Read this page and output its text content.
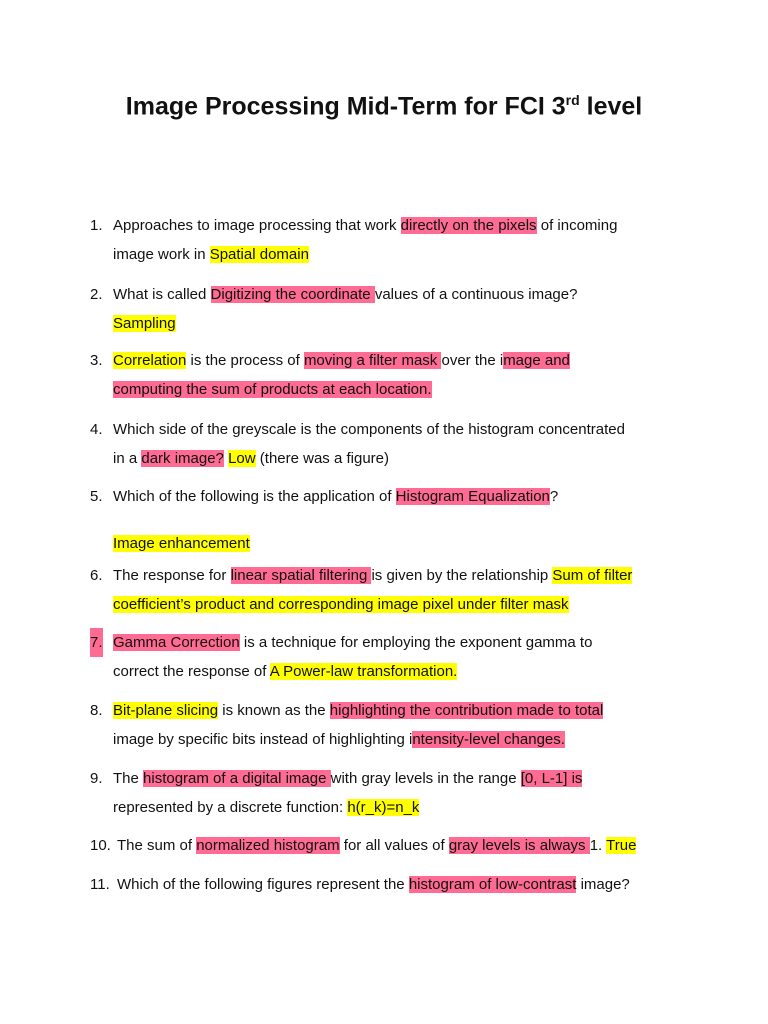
Image Processing Mid-Term for FCI 3rd level
1. Approaches to image processing that work directly on the pixels of incoming
image work in Spatial domain
2. What is called Digitizing the coordinate values of a continuous image?
Sampling
3. Correlation is the process of moving a filter mask over the image and
computing the sum of products at each location.
4. Which side of the greyscale is the components of the histogram concentrated
in a dark image? Low (there was a figure)
5. Which of the following is the application of Histogram Equalization?
Image enhancement
6. The response for linear spatial filtering is given by the relationship Sum of filter
coefficient’s product and corresponding image pixel under filter mask
7. Gamma Correction is a technique for employing the exponent gamma to
correct the response of A Power-law transformation.
8. Bit-plane slicing is known as the highlighting the contribution made to total
image by specific bits instead of highlighting intensity-level changes.
9. The histogram of a digital image with gray levels in the range [0, L-1] is
represented by a discrete function: h(r_k)=n_k
10. The sum of normalized histogram for all values of gray levels is always 1. True
11. Which of the following figures represent the histogram of low-contrast image?
